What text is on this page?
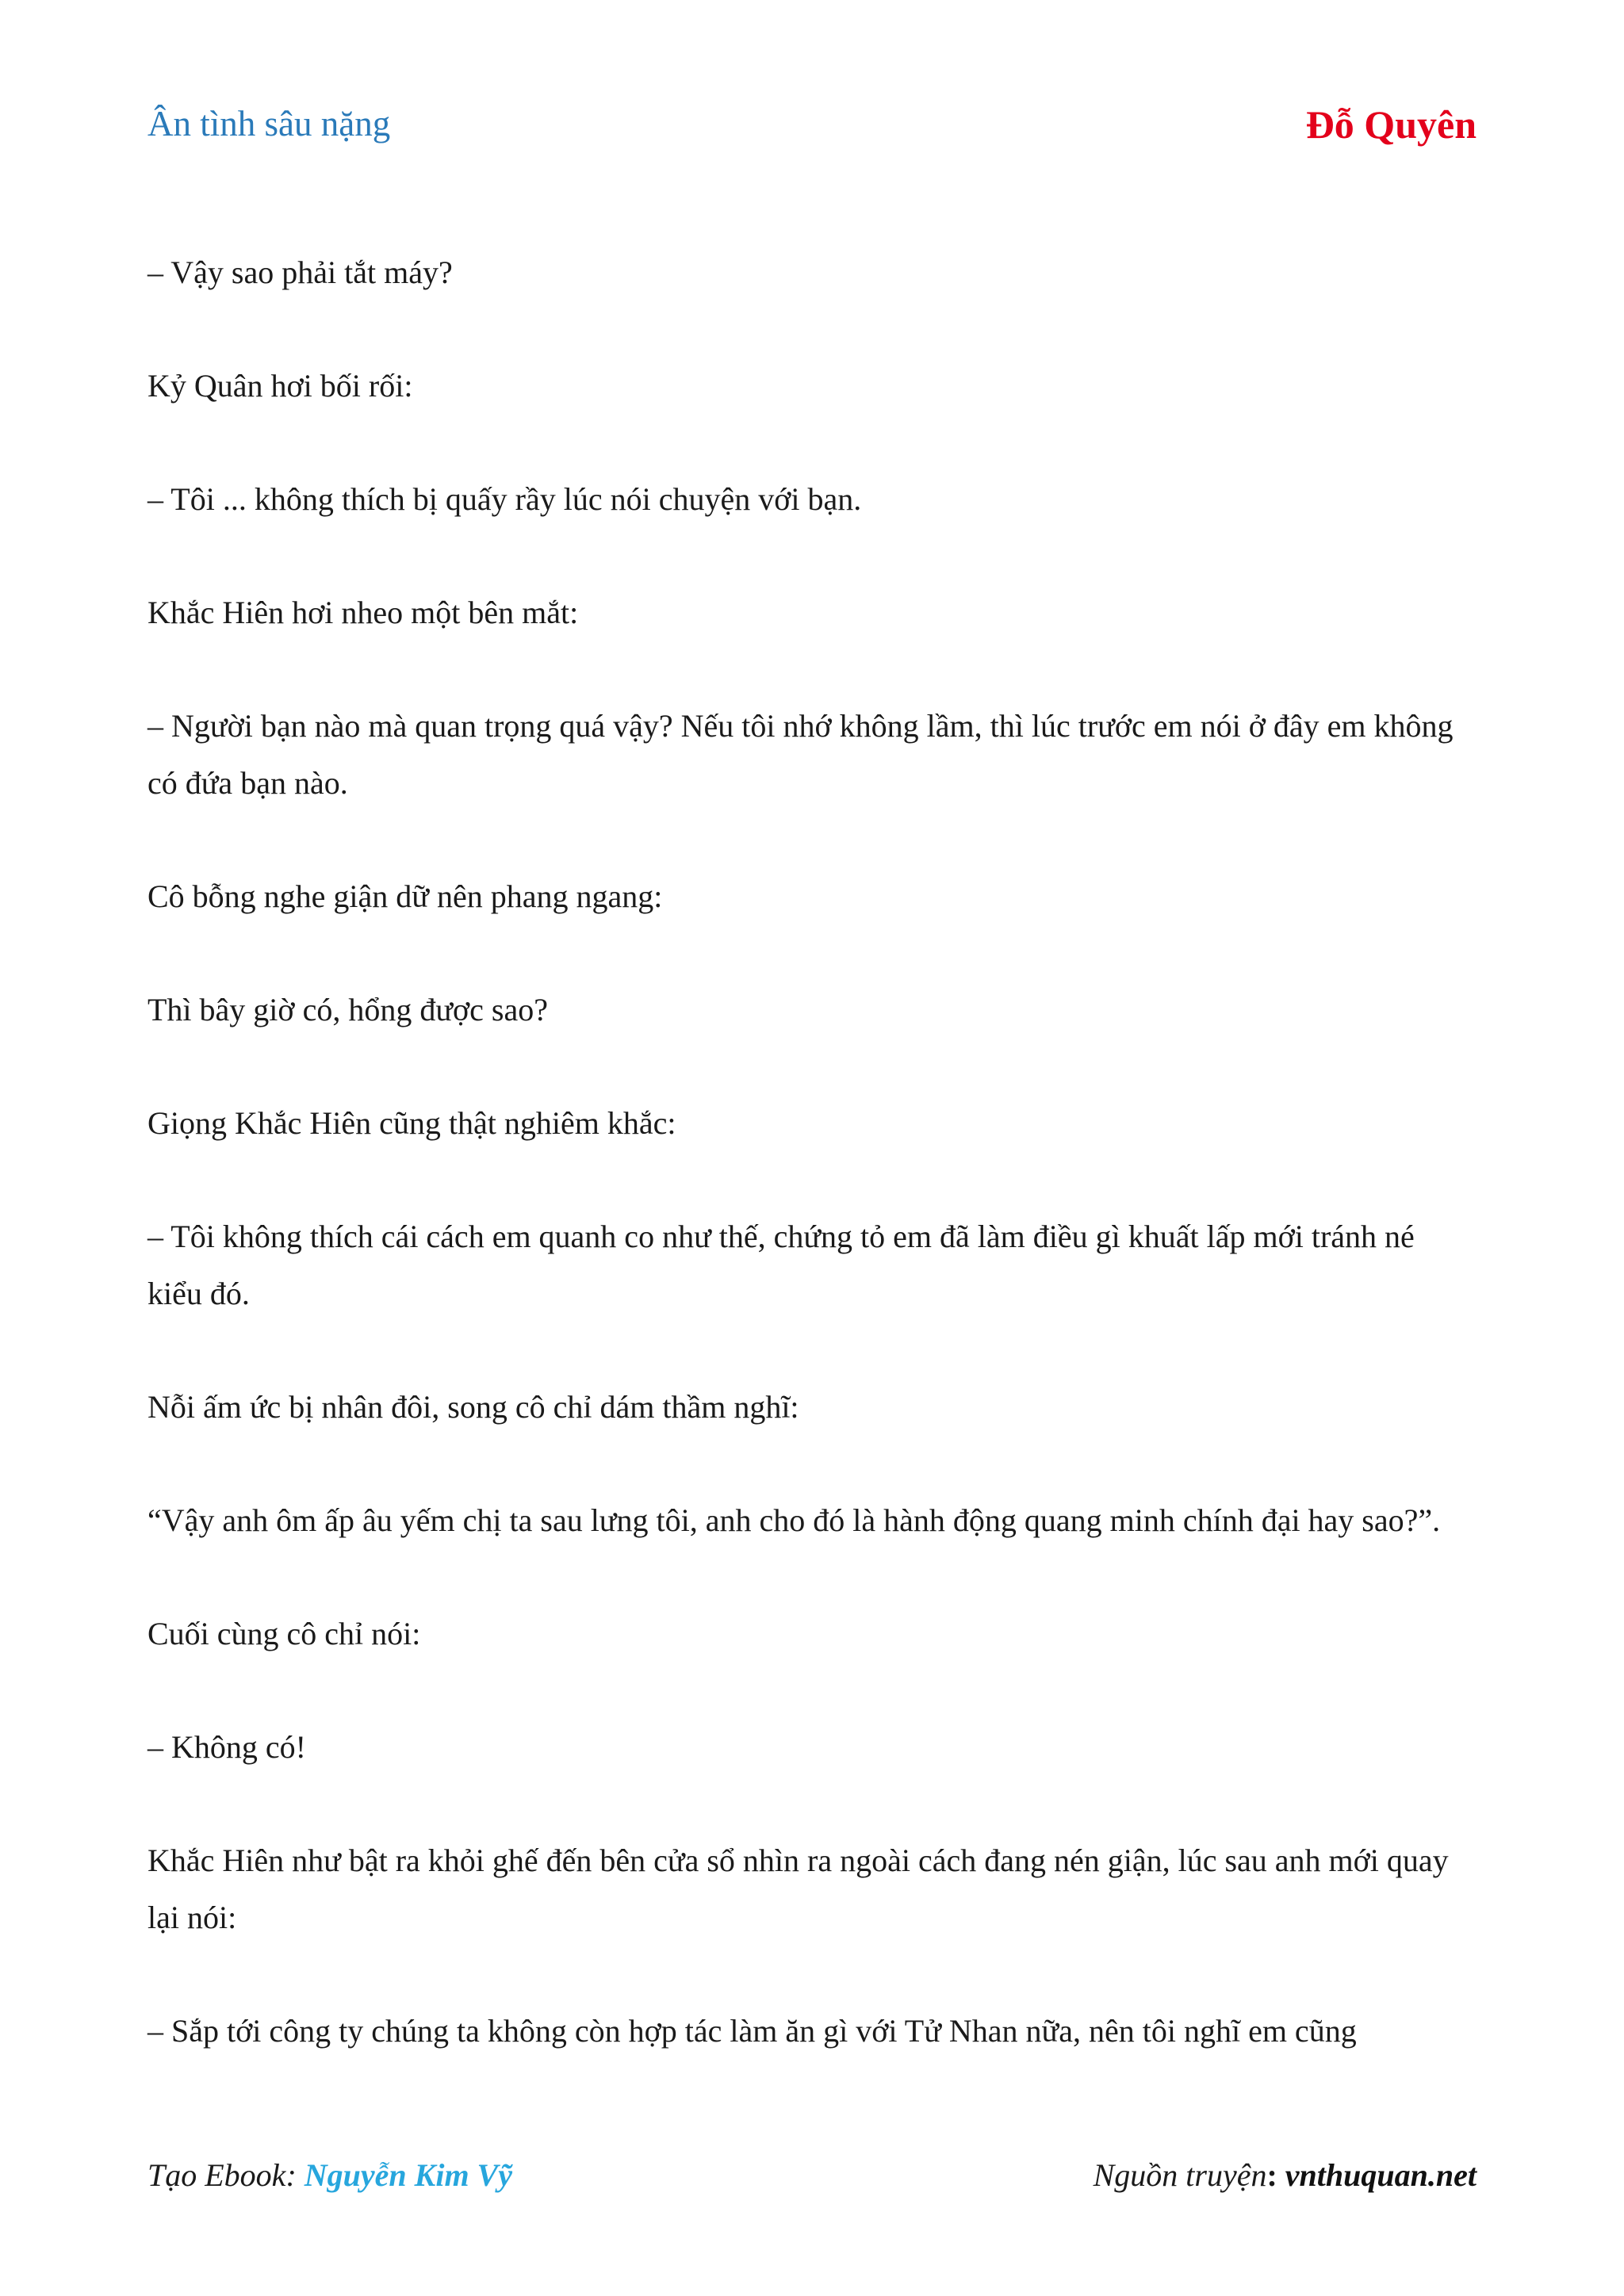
Ân tình sâu nặng	Đỗ Quyên

– Vậy sao phải tắt máy?

Kỷ Quân hơi bối rối:

– Tôi ... không thích bị quấy rầy lúc nói chuyện với bạn.

Khắc Hiên hơi nheo một bên mắt:

– Người bạn nào mà quan trọng quá vậy? Nếu tôi nhớ không lầm, thì lúc trước em nói ở đây em không có đứa bạn nào.

Cô bỗng nghe giận dữ nên phang ngang:

Thì bây giờ có, hổng được sao?

Giọng Khắc Hiên cũng thật nghiêm khắc:

– Tôi không thích cái cách em quanh co như thế, chứng tỏ em đã làm điều gì khuất lấp mới tránh né kiểu đó.

Nỗi ấm ức bị nhân đôi, song cô chỉ dám thầm nghĩ:

“Vậy anh ôm ấp âu yếm chị ta sau lưng tôi, anh cho đó là hành động quang minh chính đại hay sao?”.

Cuối cùng cô chỉ nói:

– Không có!

Khắc Hiên như bật ra khỏi ghế đến bên cửa sổ nhìn ra ngoài cách đang nén giận, lúc sau anh mới quay lại nói:

– Sắp tới công ty chúng ta không còn hợp tác làm ăn gì với Tử Nhan nữa, nên tôi nghĩ em cũng

Tạo Ebook: Nguyễn Kim Vỹ	Nguồn truyện: vnthuquan.net
